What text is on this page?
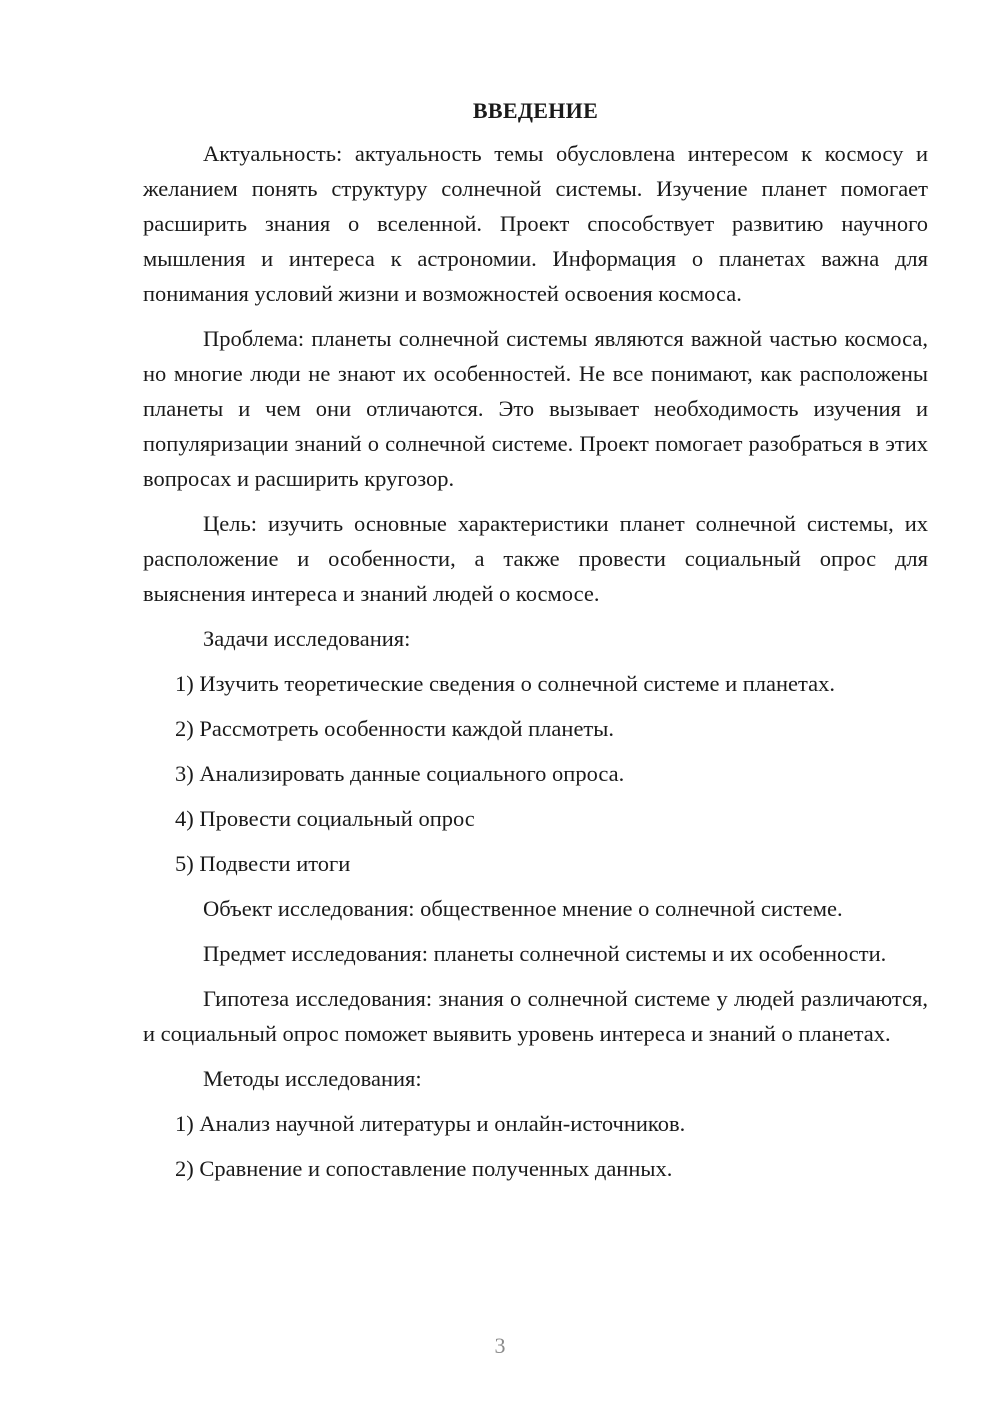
ВВЕДЕНИЕ

Актуальность: актуальность темы обусловлена интересом к космосу и желанием понять структуру солнечной системы. Изучение планет помогает расширить знания о вселенной. Проект способствует развитию научного мышления и интереса к астрономии. Информация о планетах важна для понимания условий жизни и возможностей освоения космоса.

Проблема: планеты солнечной системы являются важной частью космоса, но многие люди не знают их особенностей. Не все понимают, как расположены планеты и чем они отличаются. Это вызывает необходимость изучения и популяризации знаний о солнечной системе. Проект помогает разобраться в этих вопросах и расширить кругозор.

Цель: изучить основные характеристики планет солнечной системы, их расположение и особенности, а также провести социальный опрос для выяснения интереса и знаний людей о космосе.

Задачи исследования:

1) Изучить теоретические сведения о солнечной системе и планетах.
2) Рассмотреть особенности каждой планеты.
3) Анализировать данные социального опроса.
4) Провести социальный опрос
5) Подвести итоги

Объект исследования: общественное мнение о солнечной системе.

Предмет исследования: планеты солнечной системы и их особенности.

Гипотеза исследования: знания о солнечной системе у людей различаются, и социальный опрос поможет выявить уровень интереса и знаний о планетах.

Методы исследования:

1) Анализ научной литературы и онлайн-источников.
2) Сравнение и сопоставление полученных данных.
3
